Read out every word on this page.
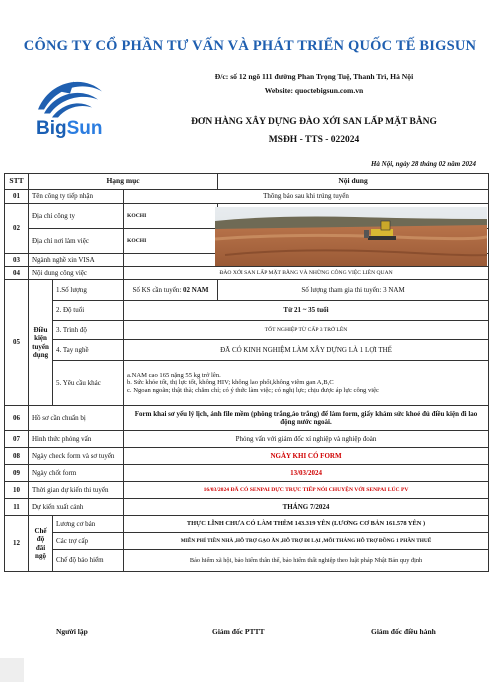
CÔNG TY CỔ PHẦN TƯ VẤN VÀ PHÁT TRIỂN QUỐC TẾ BIGSUN
BigSun
Đ/c: số 12 ngõ 111 đường Phan Trọng Tuệ, Thanh Trì, Hà Nội
Website: quoctebigsun.com.vn
ĐƠN HÀNG XÂY DỰNG ĐÀO XỚI SAN LẤP MẶT BẰNG
MSĐH - TTS - 022024
Hà Nội, ngày 28 tháng 02 năm 2024
STT	Hạng mục			Nội dung
01	Tên công ty tiếp nhận		Thông báo sau khi trúng tuyển	
02	Địa chỉ công ty		KOCHI	
	Địa chỉ nơi làm việc		KOCHI	
03	Ngành nghề xin VISA	
04	Nội dung công việc		ĐÀO XỚI SAN LẤP MẶT BẰNG VÀ NHỮNG CÔNG VIỆC LIÊN QUAN	
05	Điều kiện tuyển dụng	1.Số lượng	Số KS cần tuyển: 02 NAM	Số lượng tham gia thi tuyển: 3 NAM
		2. Độ tuổi	Từ 21 ~ 35 tuổi	
		3. Trình độ	TỐT NGHIỆP TỪ CẤP 3 TRỞ LÊN	
		4. Tay nghề	ĐÃ CÓ KINH NGHIỆM LÀM XÂY DỰNG LÀ 1 LỢI THẾ	
		5. Yêu cầu khác	a.NAM cao 165 nặng 55 kg trở lên.
b. Sức khỏe tốt, thị lực tốt, không HIV; không lao phổi,không viêm gan A,B,C
c. Ngoan ngoãn; thật thà; chăm chỉ; có ý thức làm việc; có nghị lực; chịu được áp lực công việc	

06	Hồ sơ cần chuẩn bị		Form khai sơ yếu lý lịch, ảnh file mềm (phông trắng,áo trắng) để làm form, giấy khám sức khoẻ đủ điều kiện đi lao động nước ngoài.	
07	Hình thức phỏng vấn		Phỏng vấn với giám đốc xí nghiệp và nghiệp đoàn	
08	Ngày check form và sơ tuyển		NGÀY KHI CÓ FORM	
09	Ngày chốt form		13/03/2024	
10	Thời gian dự kiến thi tuyển		16/03/2024 ĐÃ CÓ SENPAI DỰC TRỰC TIẾP NÓI CHUYỆN VỚI SENPAI LÚC PV	
11	Dự kiến xuất cảnh		THÁNG 7/2024	
12	Chế độ đãi ngộ	Lương cơ bản	THỰC LĨNH CHƯA CÓ LÀM THÊM 143.319 YÊN (LƯƠNG CƠ BẢN 161.578 YÊN )	
		Các trợ cấp	MIỄN PHÍ TIỀN NHÀ ,HỖ TRỢ GẠO ĂN ,HỖ TRỢ ĐI LẠI ,MỖI THÁNG HỖ TRỢ ĐỒNG 1 PHẦN THUẾ	
		Chế độ bảo hiểm	Bảo hiểm xã hội, bảo hiểm thân thể, bảo hiểm thất nghiệp theo luật pháp Nhật Bản quy định	
Người lập	Giám đốc PTTT	Giám đốc điều hành
